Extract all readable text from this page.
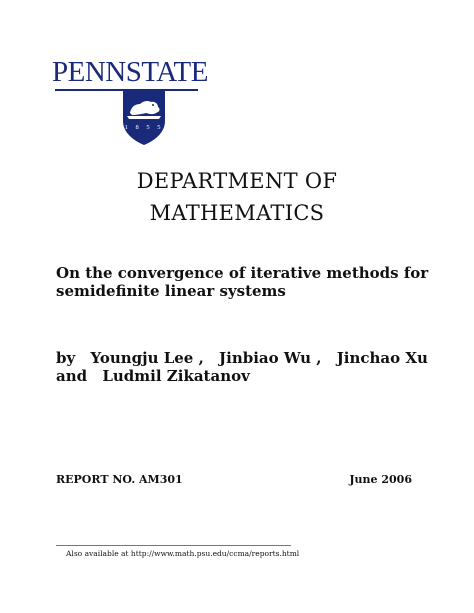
PENNSTATE
1 8 5 5
DEPARTMENT OF
MATHEMATICS
On the convergence of iterative methods for
semidefinite linear systems
by Youngju Lee , Jinbiao Wu , Jinchao Xu
and Ludmil Zikatanov
REPORT NO. AM301	June 2006
Also available at http://www.math.psu.edu/ccma/reports.html
